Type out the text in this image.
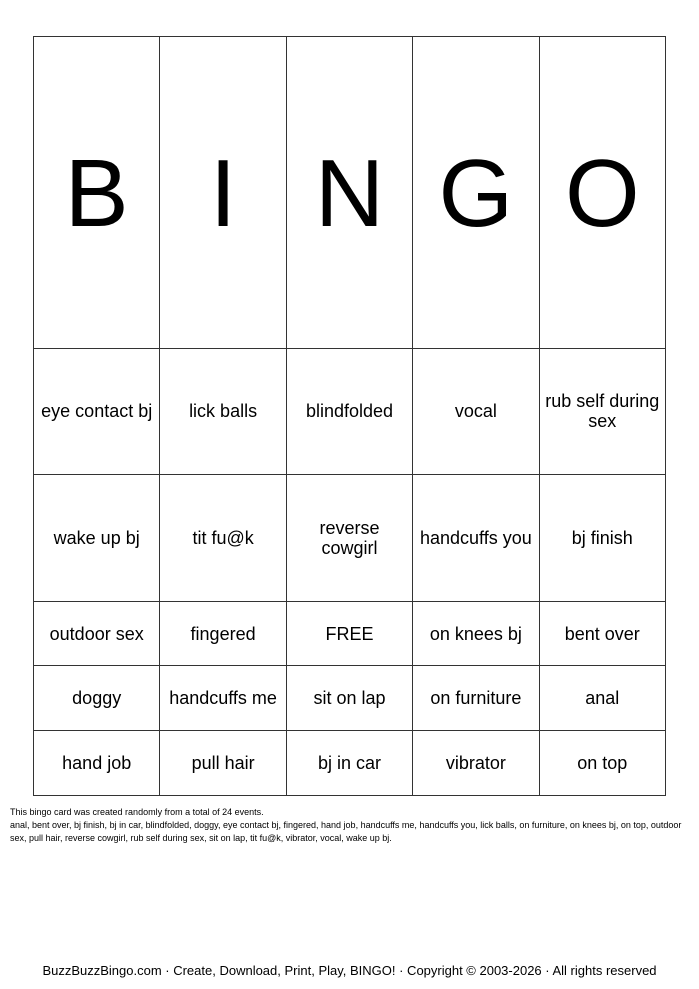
B	I	N	G	O
eye contact bj	lick balls	blindfolded	vocal	rub self during sex
wake up bj	tit fu@k	reverse cowgirl	handcuffs you	bj finish
outdoor sex	fingered	FREE	on knees bj	bent over
doggy	handcuffs me	sit on lap	on furniture	anal
hand job	pull hair	bj in car	vibrator	on top

This bingo card was created randomly from a total of 24 events.

anal, bent over, bj finish, bj in car, blindfolded, doggy, eye contact bj, fingered, hand job, handcuffs me, handcuffs you, lick balls, on furniture, on knees bj, on top, outdoor sex, pull hair, reverse cowgirl, rub self during sex, sit on lap, tit fu@k, vibrator, vocal, wake up bj.

BuzzBuzzBingo.com · Create, Download, Print, Play, BINGO! · Copyright © 2003-2026 · All rights reserved
